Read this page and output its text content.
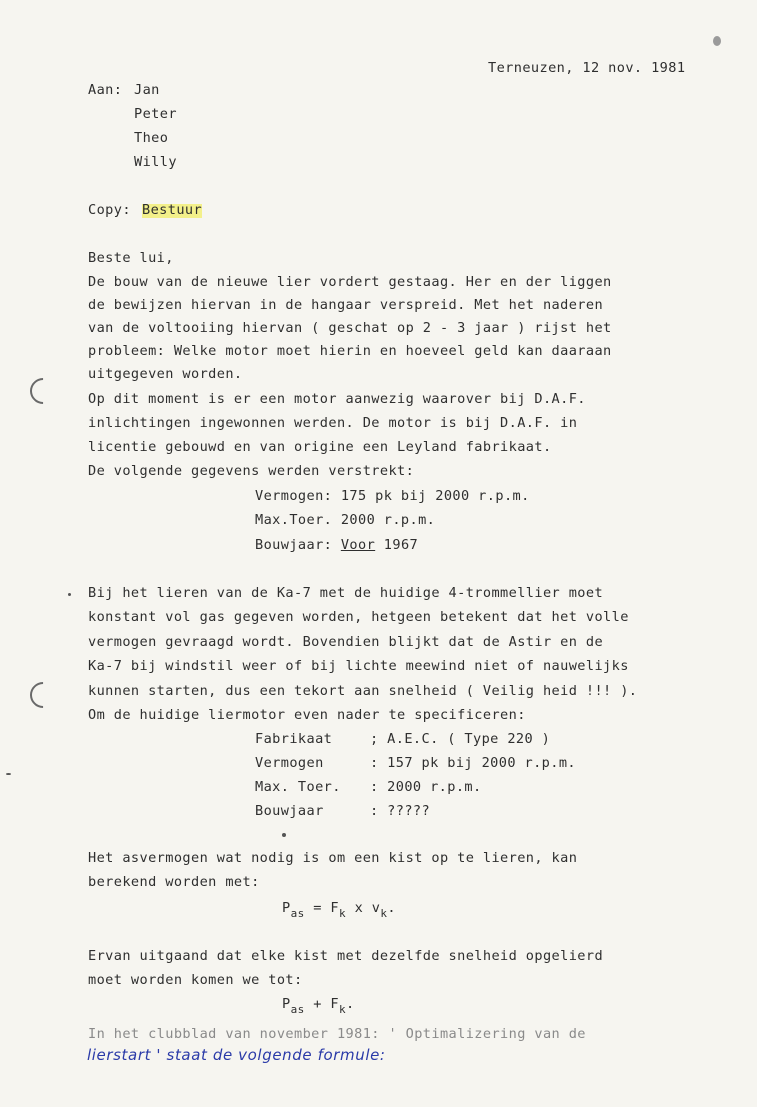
Terneuzen, 12 nov. 1981
Aan: Jan
Peter
Theo
Willy
Copy: Bestuur
Beste lui,
De bouw van de nieuwe lier vordert gestaag. Her en der liggen
de bewijzen hiervan in de hangaar verspreid. Met het naderen
van de voltooiing hiervan ( geschat op 2 - 3 jaar ) rijst het
probleem: Welke motor moet hierin en hoeveel geld kan daaraan
uitgegeven worden.
Op dit moment is er een motor aanwezig waarover bij D.A.F.
inlichtingen ingewonnen werden. De motor is bij D.A.F. in
licentie gebouwd en van origine een Leyland fabrikaat.
De volgende gegevens werden verstrekt:
Vermogen: 175 pk bij 2000 r.p.m.
Max.Toer. 2000 r.p.m.
Bouwjaar: Voor 1967
Bij het lieren van de Ka-7 met de huidige 4-trommellier moet
konstant vol gas gegeven worden, hetgeen betekent dat het volle
vermogen gevraagd wordt. Bovendien blijkt dat de Astir en de
Ka-7 bij windstil weer of bij lichte meewind niet of nauwelijks
kunnen starten, dus een tekort aan snelheid ( Veilig heid !!! ).
Om de huidige liermotor even nader te specificeren:
Fabrikaat	; A.E.C. ( Type 220 )
Vermogen	: 157 pk bij 2000 r.p.m.
Max. Toer. : 2000 r.p.m.
Bouwjaar	: ?????
Het asvermogen wat nodig is om een kist op te lieren, kan
berekend worden met:
$P_{as} = F_k$ x $v_k$.
Ervan uitgaand dat elke kist met dezelfde snelheid opgelierd
moet worden komen we tot:
$P_{as} + F_k$.
In het clubblad van november 1981: ' Optimalizering van de
lierstart ' staat de volgende formule:
